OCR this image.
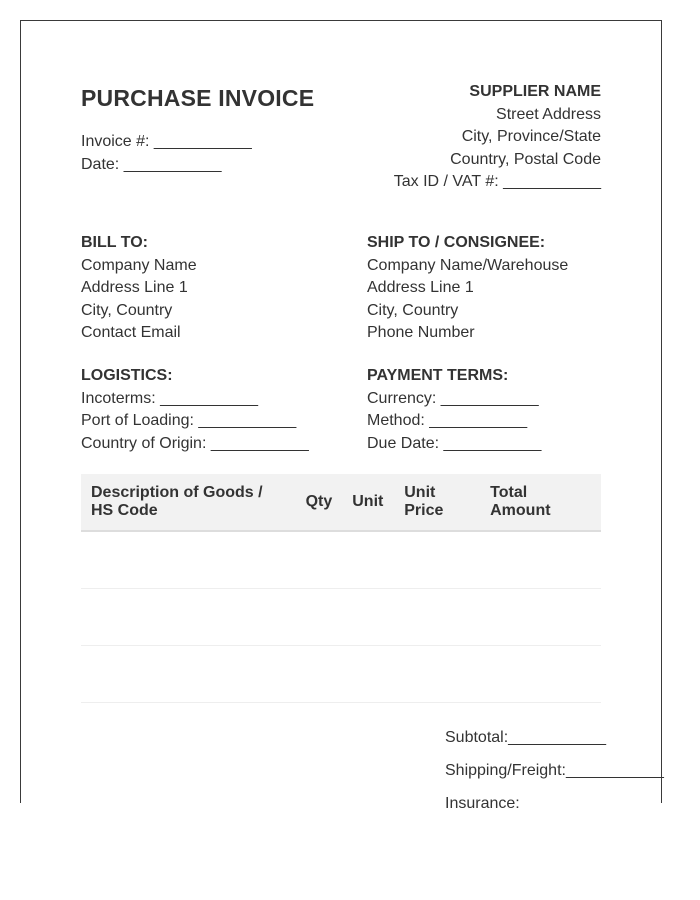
PURCHASE INVOICE
Invoice #: ___________
Date: ___________
SUPPLIER NAME
Street Address
City, Province/State
Country, Postal Code
Tax ID / VAT #: ___________
BILL TO:
Company Name
Address Line 1
City, Country
Contact Email
SHIP TO / CONSIGNEE:
Company Name/Warehouse
Address Line 1
City, Country
Phone Number
LOGISTICS:
Incoterms: ___________
Port of Loading: ___________
Country of Origin: ___________
PAYMENT TERMS:
Currency: ___________
Method: ___________
Due Date: ___________
Description of Goods / HS Code	Qty	Unit	Unit Price	Total Amount

Subtotal:___________
Shipping/Freight:___________
Insurance:
